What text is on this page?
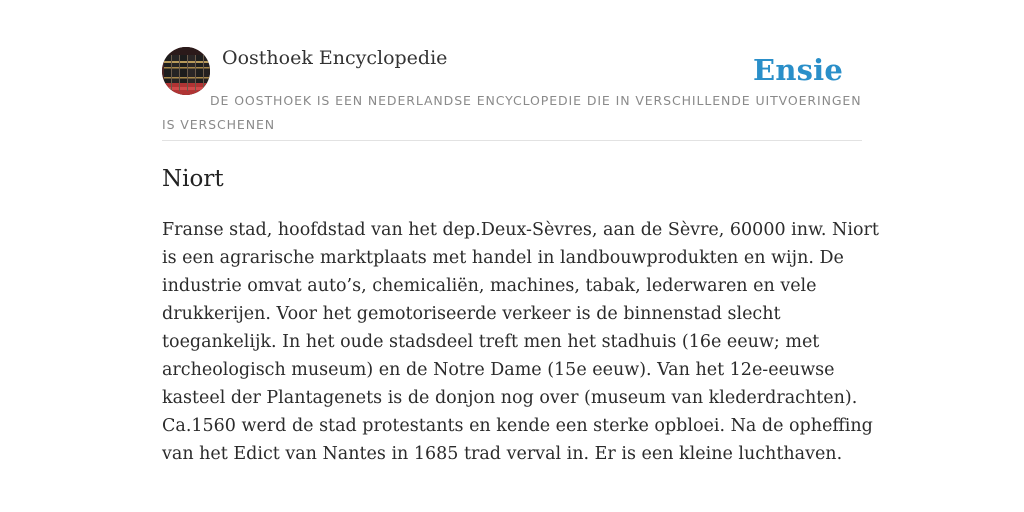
Oosthoek Encyclopedie	Ensie
DE OOSTHOEK IS EEN NEDERLANDSE ENCYCLOPEDIE DIE IN VERSCHILLENDE UITVOERINGEN IS VERSCHENEN
Niort
Franse stad, hoofdstad van het dep.Deux-Sèvres, aan de Sèvre, 60000 inw. Niort
is een agrarische marktplaats met handel in landbouwprodukten en wijn. De
industrie omvat auto’s, chemicaliën, machines, tabak, lederwaren en vele
drukkerijen. Voor het gemotoriseerde verkeer is de binnenstad slecht
toegankelijk. In het oude stadsdeel treft men het stadhuis (16e eeuw; met
archeologisch museum) en de Notre Dame (15e eeuw). Van het 12e-eeuwse
kasteel der Plantagenets is de donjon nog over (museum van klederdrachten).
Ca.1560 werd de stad protestants en kende een sterke opbloei. Na de opheffing
van het Edict van Nantes in 1685 trad verval in. Er is een kleine luchthaven.
